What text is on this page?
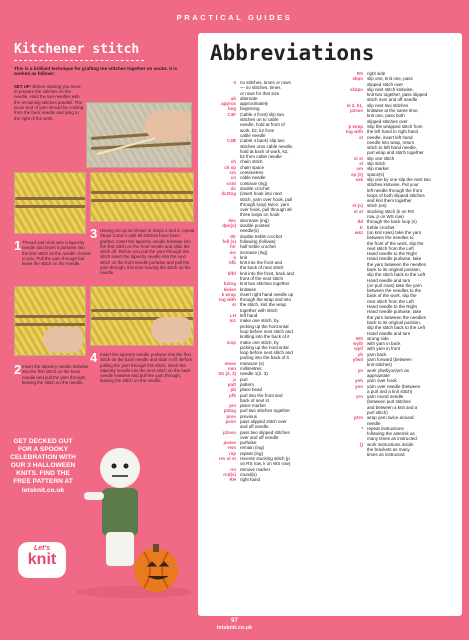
PRACTICAL GUIDES
Kitchener stitch
This is a brilliant technique for grafting toe stitches together on socks. It is worked as follows:
SET UP: Before starting you need to prepare the stitches on the needle. Hold the two needles with the remaining stitches parallel. The loose end of yarn should be coming from the back needle and lying to the right of the work.
3 Having set up as shown in Steps 1 and 2, repeat Steps 3 and 4 until all stitches have been grafted. Insert the tapestry needle knitwise into the first stitch on the front needle and slide the stitch off. Before you pull the yarn through this stitch insert the tapestry needle into the next stitch on the front needle purlwise and pull the yarn through, this time leaving the stitch on the needle.
1 Thread yarn end onto a tapestry needle and insert it purlwise into the first stitch on the needle closest to you. Pull the yarn through but leave the stitch on the needle.
4 Insert the tapestry needle purlwise into the first stitch on the back needle and slide it off. Before pulling the yarn through this stitch, insert the tapestry needle into the next stitch on the back needle knitwise and pull the yarn through, leaving the stitch on the needle.
2 Insert the tapestry needle knitwise into the first stitch on the back needle and pull the yarn through, leaving the stitch on the needle.
GET DECKED OUT FOR A SPOOKY CELEBRATION WITH OUR 3 HALLOWEEN KNITS. FIND THE FREE PATTERN AT
letsknit.co.uk
Let's
knit
Abbreviations
0 no stitches, times or rows
— no stitches, times
or rows for that size
alt alternate
approx approximately
beg beginning
C4F (cable 4 front) slip two
stitches on to cable
needle, hold at front of
work, k2, k2 from
cable needle
C4B (cable 4 back) slip two
stitches onto cable needle,
hold at back of work, k2,
k2 from cable needle
ch chain stitch
ch sp chain space
cm centimetres
cn cable needle
cont continue (ing)
dc double crochet
dc2tog (insert hook into next
stitch, yarn over hook, pull
through loop) twice, yarn
over hook, pull through all
three loops on hook
dec decrease (ing)
dpn(s) double pointed
needle(s)
dtr double treble crochet
foll (s) following (follows)
htr half treble crochet
inc increase (ing)
k knit
kfb knit into the front and
the back of next stitch
kfbf knit into the front, back and
front of the next stitch
k2tog knit two stitches together
kwise knitwise
k wrap insert right hand needle up
tog with through the wrap and into
st the stitch, knit the wrap
together with stitch
LH left hand
m1 make one stitch, by
picking up the horizontal
loop before next stitch and
knitting into the back of it
m1p make one stitch, by
picking up the horizontal
loop before next stitch and
purling into the back of it
meas measure (s)
mm millimetres
N1 (2, 3) needle 1(2, 3)
p purl
patt pattern
pb place bead
pfb purl into the front and
back of next st
pm place marker
p2tog purl two stitches together
prev previous
psso pass slipped stitch over
and off needle
p2sso pass two slipped stitches
over and off needle
pwise purlwise
rem remain (ing)
rep repeat (ing)
rev st st reverse stocking stitch (p
on RS row, k on WS row)
rm remove marker
rnd(s) round(s)
RH right hand
RS right side
skpo slip one, knit one, pass
slipped stitch over
sk2po slip next stitch knitwise,
knit two together, pass slipped
stitch over and off needle
sl 2, k1, slip next two stitches
p2sso knitwise at the same time,
knit one, pass both
slipped stitches over
p wrap Slip the wrapped stitch from
tog with the left hand to right hand
st needle, insert left hand
needle into wrap, return
stitch to left hand needle,
purl wrap and stitch together
sl st slip one stitch
sl slip stitch
sm slip marker
sp (s) space(s)
ssk slip one by one slip the next two
stitches knitwise. Put your
left needle through the front
loops of both slipped stitches
and knit them together
st (s) stitch (es)
st st stocking stitch (k on RS
row, p on WS row)
tbl through the back loop (s)
tr treble crochet
w&t (on knit rows) take the yarn
between the needles to
the front of the work, slip the
next stitch from the Left
Hand needle to the Right
Hand needle purlwise, take
the yarn between the needles
back to its original position,
slip the stitch back to the Left
Hand needle and turn
(on purl rows) take the yarn
between the needles to the
back of the work, slip the
next stitch from the Left
Hand needle to the Right
Hand needle purlwise, take
the yarn between the needles
back to its original position,
slip the stitch back to the Left
Hand needle and turn
WS wrong side
wyib with yarn in back
wyif with yarn in front
yb yarn back
yfwd yarn forward (between
knit stitches)
yo work yfwd/yon/yrn as
appropriate
yoh yarn over hook
yon yarn over needle (between
a purl and a knit stitch)
yrn yarn round needle
(between purl stitches
and between a knit and a
purl stitch)
y2rn wrap yarn twice around
needle
* repeat instructions
following the asterisk as
many times as instructed
() work instructions inside
the brackets as many
times as instructed
97
letsknit.co.uk
